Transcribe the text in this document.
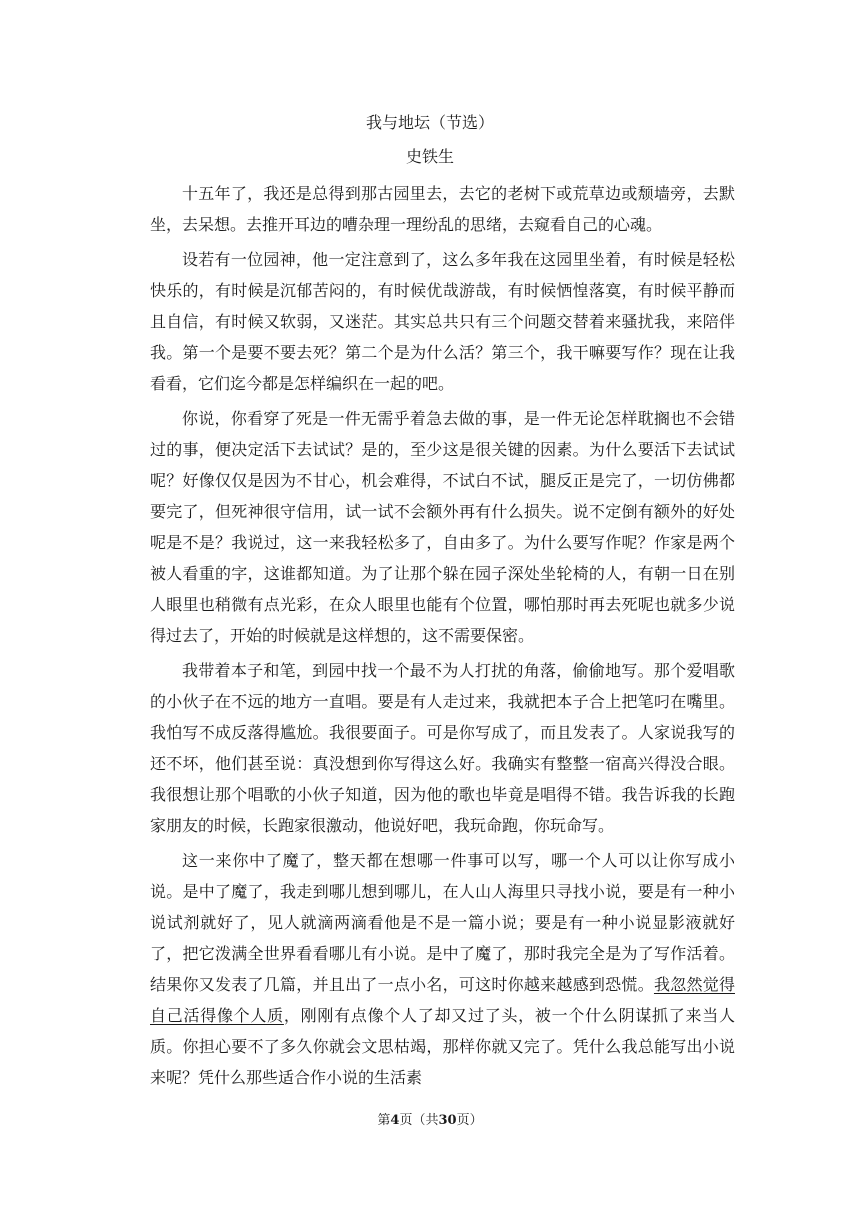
我与地坛（节选）
史铁生

十五年了，我还是总得到那古园里去，去它的老树下或荒草边或颓墙旁，去默坐，去呆想。去推开耳边的嘈杂理一理纷乱的思绪，去窥看自己的心魂。

设若有一位园神，他一定注意到了，这么多年我在这园里坐着，有时候是轻松快乐的，有时候是沉郁苦闷的，有时候优哉游哉，有时候恓惶落寞，有时候平静而且自信，有时候又软弱，又迷茫。其实总共只有三个问题交替着来骚扰我，来陪伴我。第一个是要不要去死？第二个是为什么活？第三个，我干嘛要写作？现在让我看看，它们迄今都是怎样编织在一起的吧。

你说，你看穿了死是一件无需乎着急去做的事，是一件无论怎样耽搁也不会错过的事，便决定活下去试试？是的，至少这是很关键的因素。为什么要活下去试试呢？好像仅仅是因为不甘心，机会难得，不试白不试，腿反正是完了，一切仿佛都要完了，但死神很守信用，试一试不会额外再有什么损失。说不定倒有额外的好处呢是不是？我说过，这一来我轻松多了，自由多了。为什么要写作呢？作家是两个被人看重的字，这谁都知道。为了让那个躲在园子深处坐轮椅的人，有朝一日在别人眼里也稍微有点光彩，在众人眼里也能有个位置，哪怕那时再去死呢也就多少说得过去了，开始的时候就是这样想的，这不需要保密。

我带着本子和笔，到园中找一个最不为人打扰的角落，偷偷地写。那个爱唱歌的小伙子在不远的地方一直唱。要是有人走过来，我就把本子合上把笔叼在嘴里。我怕写不成反落得尴尬。我很要面子。可是你写成了，而且发表了。人家说我写的还不坏，他们甚至说：真没想到你写得这么好。我确实有整整一宿高兴得没合眼。我很想让那个唱歌的小伙子知道，因为他的歌也毕竟是唱得不错。我告诉我的长跑家朋友的时候，长跑家很激动，他说好吧，我玩命跑，你玩命写。

这一来你中了魔了，整天都在想哪一件事可以写，哪一个人可以让你写成小说。是中了魔了，我走到哪儿想到哪儿，在人山人海里只寻找小说，要是有一种小说试剂就好了，见人就滴两滴看他是不是一篇小说；要是有一种小说显影液就好了，把它泼满全世界看看哪儿有小说。是中了魔了，那时我完全是为了写作活着。结果你又发表了几篇，并且出了一点小名，可这时你越来越感到恐慌。我忽然觉得自己活得像个人质，刚刚有点像个人了却又过了头，被一个什么阴谋抓了来当人质。你担心要不了多久你就会文思枯竭，那样你就又完了。凭什么我总能写出小说来呢？凭什么那些适合作小说的生活素

第4页（共30页）
